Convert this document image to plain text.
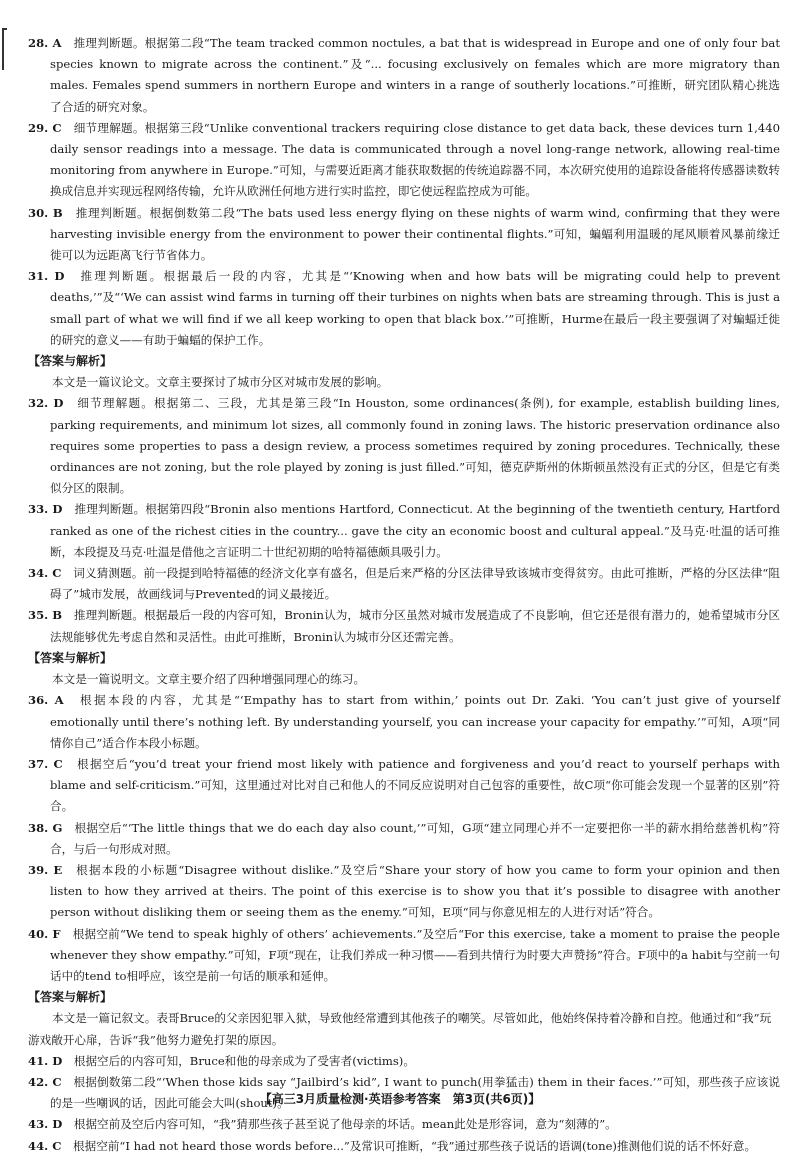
28. A　推理判断题。根据第二段“The team tracked common noctules, a bat that is widespread in Europe and one of only four bat species known to migrate across the continent.”及“... focusing exclusively on females which are more migratory than males. Females spend summers in northern Europe and winters in a range of southerly locations.”可推断，研究团队精心挑选了合适的研究对象。

29. C　细节理解题。根据第三段“Unlike conventional trackers requiring close distance to get data back, these devices turn 1,440 daily sensor readings into a message. The data is communicated through a novel long-range network, allowing real-time monitoring from anywhere in Europe.”可知，与需要近距离才能获取数据的传统追踪器不同，本次研究使用的追踪设备能将传感器读数转换成信息并实现远程网络传输，允许从欧洲任何地方进行实时监控，即它使远程监控成为可能。

30. B　推理判断题。根据倒数第二段“The bats used less energy flying on these nights of warm wind, confirming that they were harvesting invisible energy from the environment to power their continental flights.”可知，蝙蝠利用温暖的尾风顺着风暴前缘迁徙可以为远距离飞行节省体力。

31. D　推理判断题。根据最后一段的内容，尤其是“‘Knowing when and how bats will be migrating could help to prevent deaths,’”及“‘We can assist wind farms in turning off their turbines on nights when bats are streaming through. This is just a small part of what we will find if we all keep working to open that black box.’”可推断，Hurme在最后一段主要强调了对蝙蝠迁徙的研究的意义——有助于蝙蝠的保护工作。

【答案与解析】

本文是一篇议论文。文章主要探讨了城市分区对城市发展的影响。

32. D　细节理解题。根据第二、三段，尤其是第三段“In Houston, some ordinances(条例), for example, establish building lines, parking requirements, and minimum lot sizes, all commonly found in zoning laws. The historic preservation ordinance also requires some properties to pass a design review, a process sometimes required by zoning procedures. Technically, these ordinances are not zoning, but the role played by zoning is just filled.”可知，德克萨斯州的休斯顿虽然没有正式的分区，但是它有类似分区的限制。

33. D　推理判断题。根据第四段“Bronin also mentions Hartford, Connecticut. At the beginning of the twentieth century, Hartford ranked as one of the richest cities in the country... gave the city an economic boost and cultural appeal.”及马克·吐温的话可推断，本段提及马克·吐温是借他之言证明二十世纪初期的哈特福德颇具吸引力。

34. C　词义猜测题。前一段提到哈特福德的经济文化享有盛名，但是后来严格的分区法律导致该城市变得贫穷。由此可推断，严格的分区法律“阻碍了”城市发展，故画线词与Prevented的词义最接近。

35. B　推理判断题。根据最后一段的内容可知，Bronin认为，城市分区虽然对城市发展造成了不良影响，但它还是很有潜力的，她希望城市分区法规能够优先考虑自然和灵活性。由此可推断，Bronin认为城市分区还需完善。

【答案与解析】

本文是一篇说明文。文章主要介绍了四种增强同理心的练习。

36. A　根据本段的内容，尤其是“‘Empathy has to start from within,’ points out Dr. Zaki. ‘You can’t just give of yourself emotionally until there’s nothing left. By understanding yourself, you can increase your capacity for empathy.’”可知，A项“同情你自己”适合作本段小标题。

37. C　根据空后“you’d treat your friend most likely with patience and forgiveness and you’d react to yourself perhaps with blame and self-criticism.”可知，这里通过对比对自己和他人的不同反应说明对自己包容的重要性，故C项“你可能会发现一个显著的区别”符合。

38. G　根据空后“‘The little things that we do each day also count,’”可知，G项“建立同理心并不一定要把你一半的薪水捐给慈善机构”符合，与后一句形成对照。

39. E　根据本段的小标题“Disagree without dislike.”及空后“Share your story of how you came to form your opinion and then listen to how they arrived at theirs. The point of this exercise is to show you that it’s possible to disagree with another person without disliking them or seeing them as the enemy.”可知，E项“同与你意见相左的人进行对话”符合。

40. F　根据空前“We tend to speak highly of others’ achievements.”及空后“For this exercise, take a moment to praise the people whenever they show empathy.”可知，F项“现在，让我们养成一种习惯——看到共情行为时要大声赞扬”符合。F项中的a habit与空前一句话中的tend to相呼应，该空是前一句话的顺承和延伸。

【答案与解析】

本文是一篇记叙文。表哥Bruce的父亲因犯罪入狱，导致他经常遭到其他孩子的嘲笑。尽管如此，他始终保持着冷静和自控。他通过和“我”玩游戏敞开心扉，告诉“我”他努力避免打架的原因。

41. D　根据空后的内容可知，Bruce和他的母亲成为了受害者(victims)。

42. C　根据倒数第二段“‘When those kids say “Jailbird’s kid”, I want to punch(用拳猛击) them in their faces.’”可知，那些孩子应该说的是一些嘲讽的话，因此可能会大叫(shout)。

43. D　根据空前及空后内容可知，“我”猜那些孩子甚至说了他母亲的坏话。mean此处是形容词，意为“刻薄的”。

44. C　根据空前“I had not heard those words before...”及常识可推断，“我”通过那些孩子说话的语调(tone)推测他们说的话不怀好意。

【高三3月质量检测·英语参考答案　第3页(共6页)】
